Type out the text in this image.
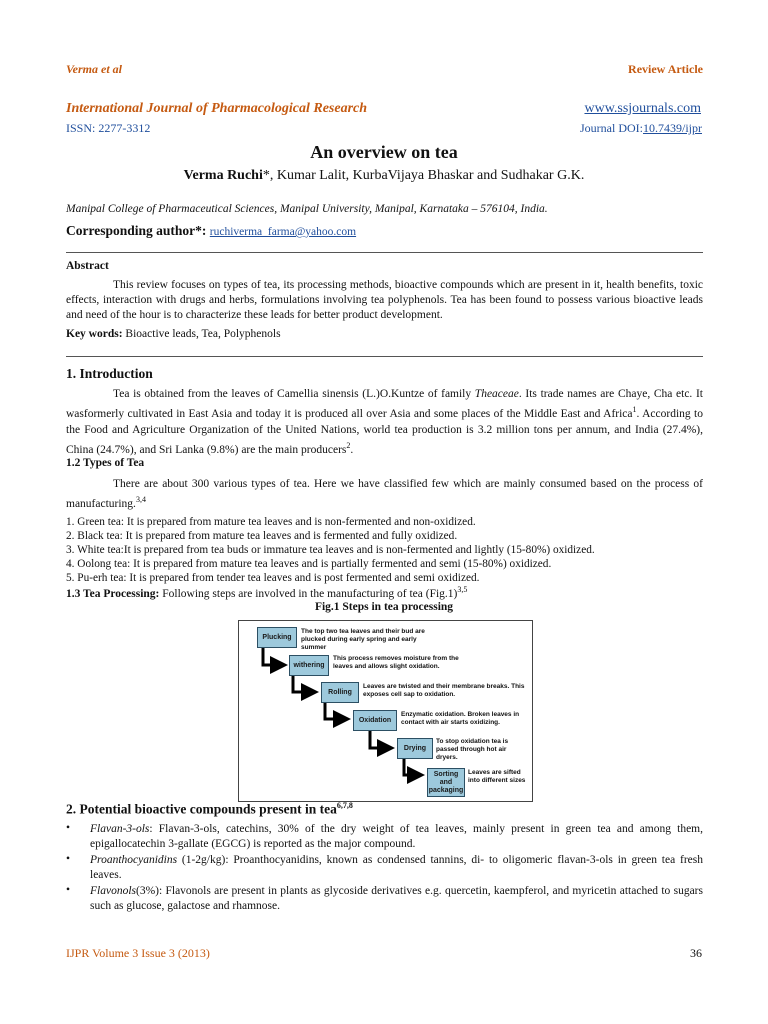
Verma et al	Review Article
International Journal of Pharmacological Research	www.ssjournals.com
ISSN: 2277-3312	Journal DOI:10.7439/ijpr
An overview on tea
Verma Ruchi*, Kumar Lalit, KurbaVijaya Bhaskar and Sudhakar G.K.
Manipal College of Pharmaceutical Sciences, Manipal University, Manipal, Karnataka – 576104, India.
Corresponding author*: ruchiverma_farma@yahoo.com
Abstract
This review focuses on types of tea, its processing methods, bioactive compounds which are present in it, health benefits, toxic effects, interaction with drugs and herbs, formulations involving tea polyphenols. Tea has been found to possess various bioactive leads and need of the hour is to characterize these leads for better product development.
Key words: Bioactive leads, Tea, Polyphenols
1. Introduction
Tea is obtained from the leaves of Camellia sinensis (L.)O.Kuntze of family Theaceae. Its trade names are Chaye, Cha etc. It wasformerly cultivated in East Asia and today it is produced all over Asia and some places of the Middle East and Africa$^1$. According to the Food and Agriculture Organization of the United Nations, world tea production is 3.2 million tons per annum, and India (27.4%), China (24.7%), and Sri Lanka (9.8%) are the main producers$^2$.
1.2 Types of Tea
There are about 300 various types of tea. Here we have classified few which are mainly consumed based on the process of manufacturing.$^{3,4}$
1. Green tea: It is prepared from mature tea leaves and is non-fermented and non-oxidized.
2. Black tea: It is prepared from mature tea leaves and is fermented and fully oxidized.
3. White tea:It is prepared from tea buds or immature tea leaves and is non-fermented and lightly (15-80%) oxidized.
4. Oolong tea: It is prepared from mature tea leaves and is partially fermented and semi (15-80%) oxidized.
5. Pu-erh tea: It is prepared from tender tea leaves and is post fermented and semi oxidized.
1.3 Tea Processing: Following steps are involved in the manufacturing of tea $(Fig.1)^{3,5}$
Fig.1 Steps in tea processing
Plucking
The top two tea leaves and their bud are plucked during early spring and early summer
withering
This process removes moisture from the leaves and allows slight oxidation.
Rolling
Leaves are twisted and their membrane breaks. This exposes cell sap to oxidation.
Oxidation
Enzymatic oxidation. Broken leaves in contact with air starts oxidizing.
Drying
To stop oxidation tea is passed through hot air dryers.
Sorting and packaging
Leaves are sifted into different sizes
2. Potential bioactive compounds present in tea$^{6,7,8}$
• Flavan-3-ols: Flavan-3-ols, catechins, 30% of the dry weight of tea leaves, mainly present in green tea and among them, epigallocatechin 3-gallate (EGCG) is reported as the major compound.
• Proanthocyanidins (1-2g/kg): Proanthocyanidins, known as condensed tannins, di- to oligomeric flavan-3-ols in green tea fresh leaves.
• Flavonols(3%): Flavonols are present in plants as glycoside derivatives e.g. quercetin, kaempferol, and myricetin attached to sugars such as glucose, galactose and rhamnose.
IJPR Volume 3 Issue 3 (2013)	36
